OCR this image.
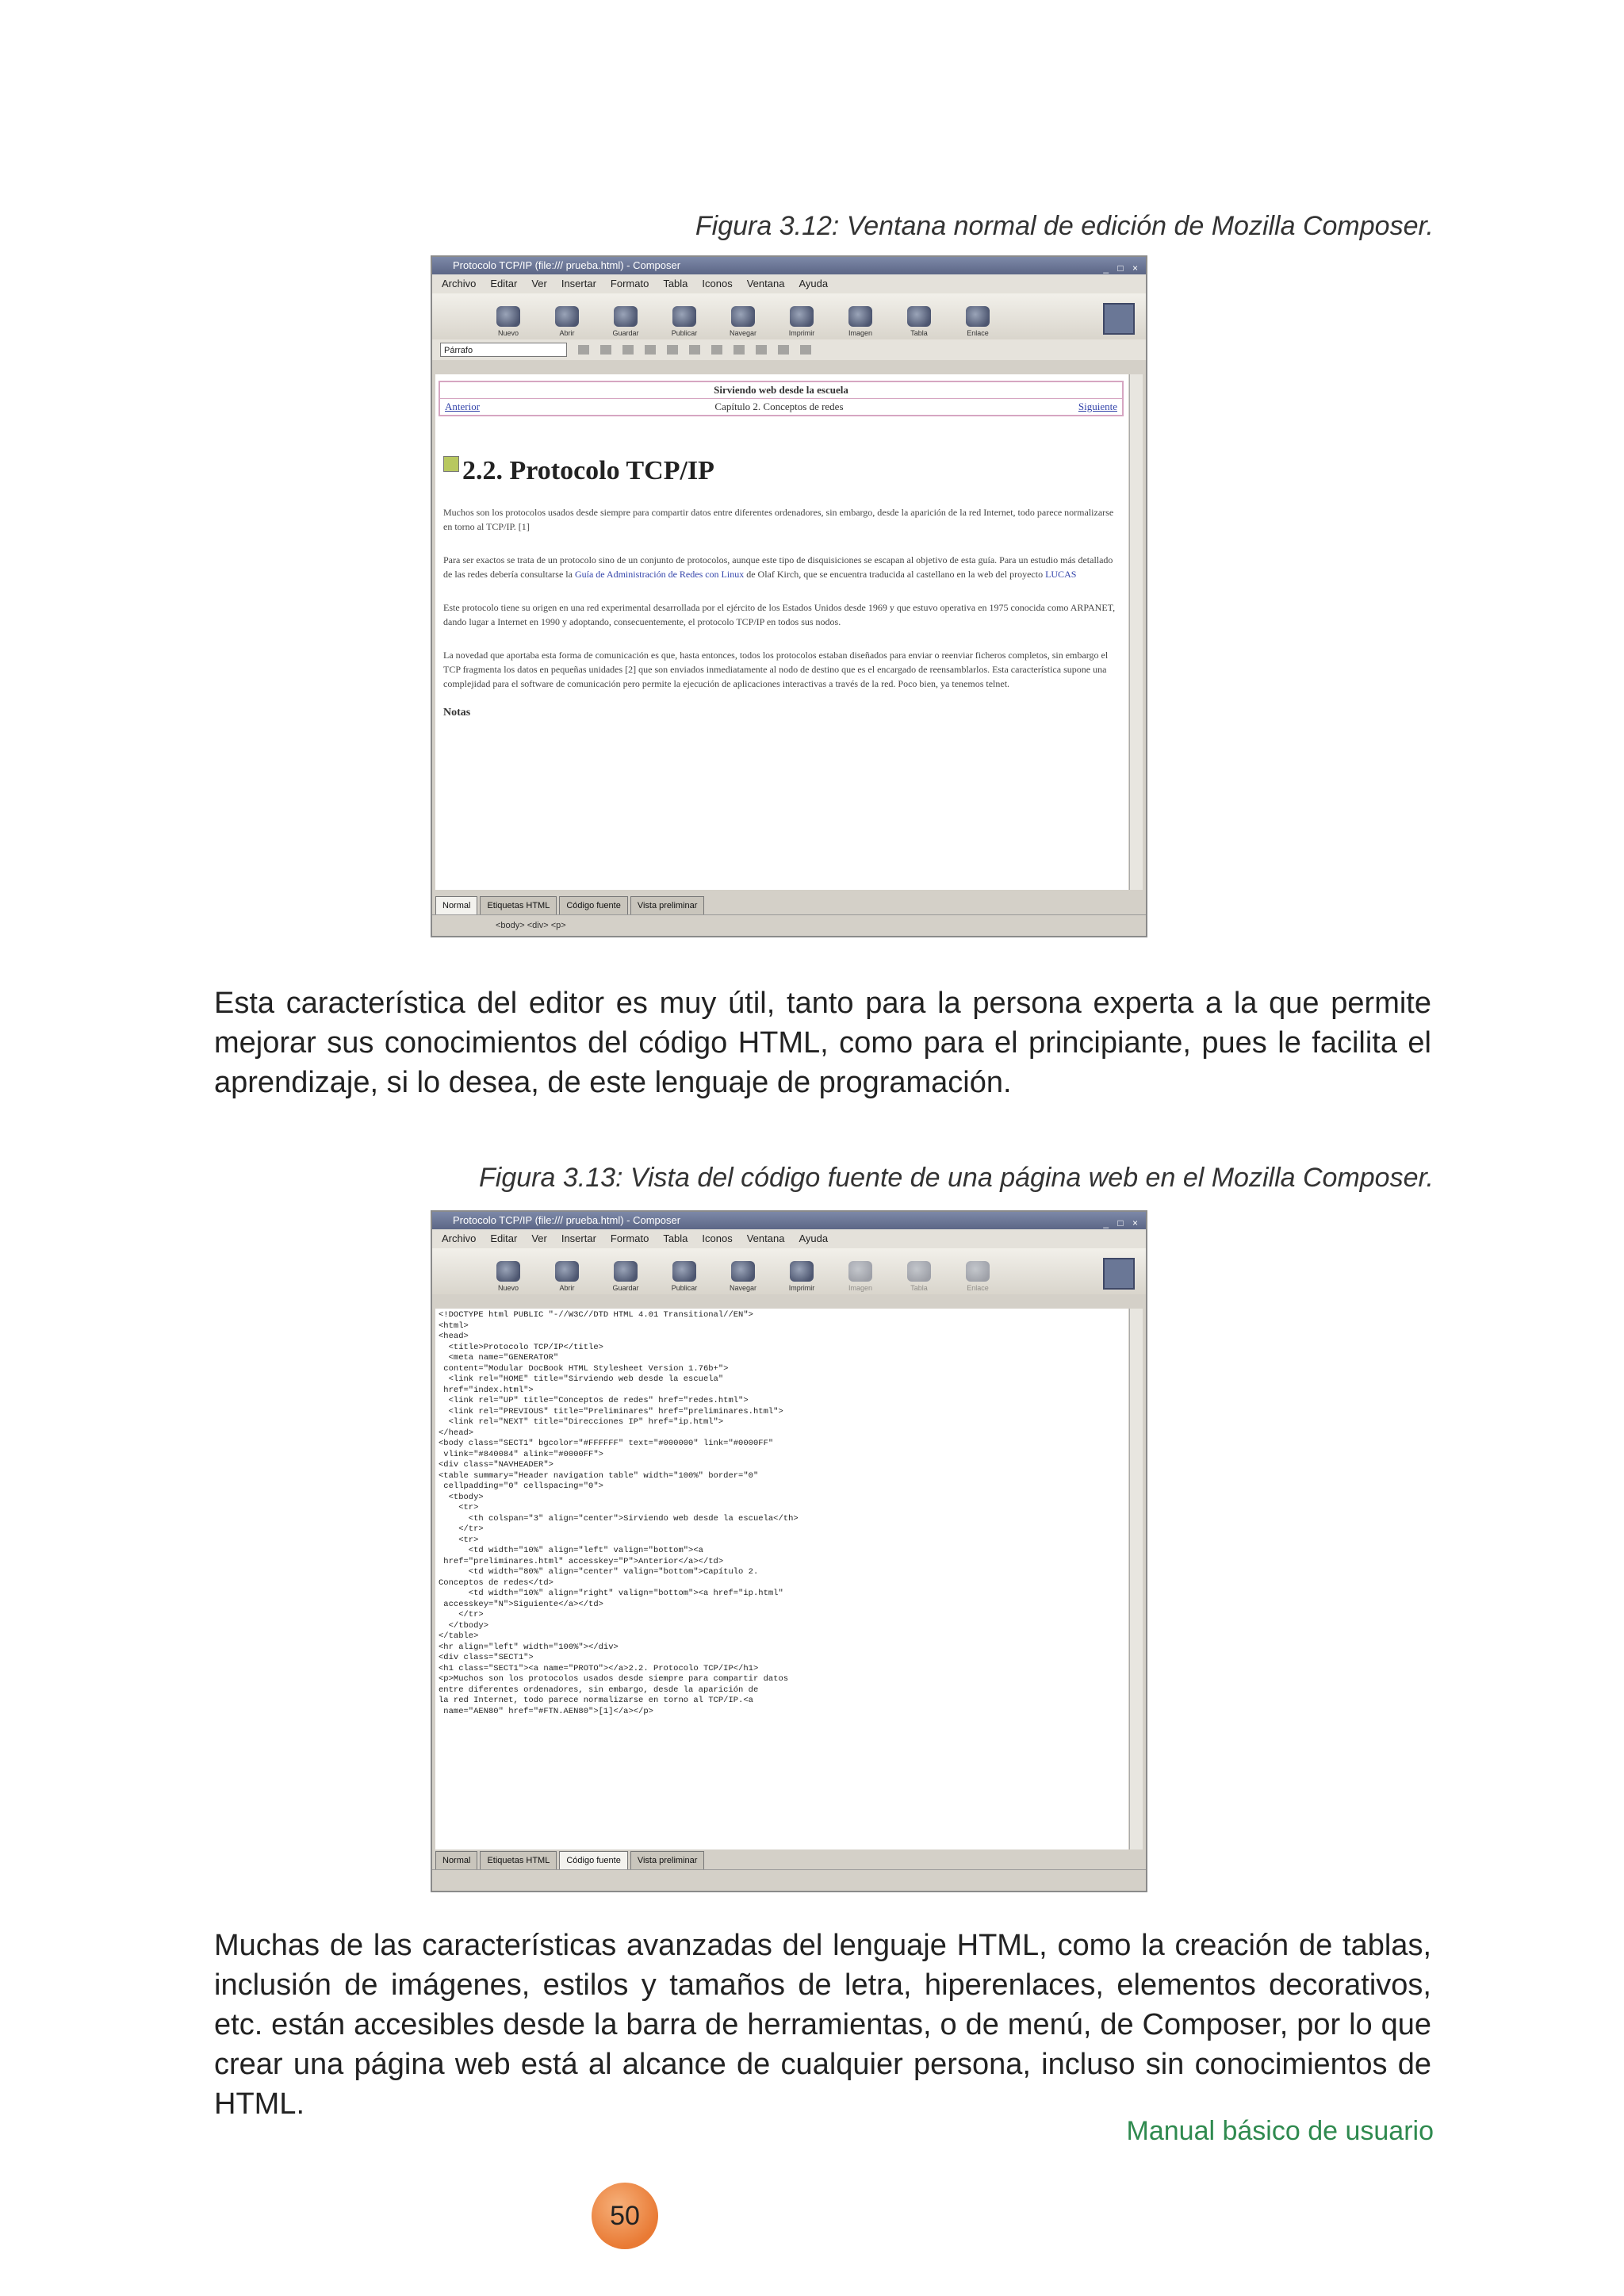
Figura 3.12: Ventana normal de edición de Mozilla Composer.
Protocolo TCP/IP (file:/// prueba.html) - Composer	_ □ ×
Archivo Editar Ver Insertar Formato Tabla Iconos Ventana Ayuda
Nuevo	Abrir	Guardar	Publicar	Navegar	Imprimir	Imagen	Tabla	Enlace
Párrafo
Sirviendo web desde la escuela
Anterior	Capítulo 2. Conceptos de redes	Siguiente
2.2. Protocolo TCP/IP

Muchos son los protocolos usados desde siempre para compartir datos entre diferentes ordenadores, sin embargo, desde la aparición de la red Internet, todo parece normalizarse en torno al TCP/IP. [1]

Para ser exactos se trata de un protocolo sino de un conjunto de protocolos, aunque este tipo de disquisiciones se escapan al objetivo de esta guía. Para un estudio más detallado de las redes debería consultarse la Guía de Administración de Redes con Linux de Olaf Kirch, que se encuentra traducida al castellano en la web del proyecto LUCAS

Este protocolo tiene su origen en una red experimental desarrollada por el ejército de los Estados Unidos desde 1969 y que estuvo operativa en 1975 conocida como ARPANET, dando lugar a Internet en 1990 y adoptando, consecuentemente, el protocolo TCP/IP en todos sus nodos.

La novedad que aportaba esta forma de comunicación es que, hasta entonces, todos los protocolos estaban diseñados para enviar o reenviar ficheros completos, sin embargo el TCP fragmenta los datos en pequeñas unidades [2] que son enviados inmediatamente al nodo de destino que es el encargado de reensamblarlos. Esta característica supone una complejidad para el software de comunicación pero permite la ejecución de aplicaciones interactivas a través de la red. Poco bien, ya tenemos telnet.

Notas
Normal	Etiquetas HTML	Código fuente	Vista preliminar
<body> <div> <p>
Esta característica del editor es muy útil, tanto para la persona experta a la que permite mejorar sus conocimientos del código HTML, como para el principiante, pues le facilita el aprendizaje, si lo desea, de este lenguaje de programación.
Figura 3.13: Vista del código fuente de una página web en el Mozilla Composer.
Protocolo TCP/IP (file:/// prueba.html) - Composer	_ □ ×
Archivo Editar Ver Insertar Formato Tabla Iconos Ventana Ayuda
Nuevo	Abrir	Guardar	Publicar	Navegar	Imprimir	Imagen	Tabla	Enlace
<!DOCTYPE html PUBLIC "-//W3C//DTD HTML 4.01 Transitional//EN">
<html>
<head>
<title>Protocolo TCP/IP</title>
<meta name="GENERATOR"
content="Modular DocBook HTML Stylesheet Version 1.76b+">
<link rel="HOME" title="Sirviendo web desde la escuela"
href="index.html">
<link rel="UP" title="Conceptos de redes" href="redes.html">
<link rel="PREVIOUS" title="Preliminares" href="preliminares.html">
<link rel="NEXT" title="Direcciones IP" href="ip.html">
</head>
<body class="SECT1" bgcolor="#FFFFFF" text="#000000" link="#0000FF"
vlink="#840084" alink="#0000FF">
<div class="NAVHEADER">
<table summary="Header navigation table" width="100%" border="0"
cellpadding="0" cellspacing="0">
<tbody>
<tr>
<th colspan="3" align="center">Sirviendo web desde la escuela</th>
</tr>
<tr>
<td width="10%" align="left" valign="bottom"><a
href="preliminares.html" accesskey="P">Anterior</a></td>
<td width="80%" align="center" valign="bottom">Capítulo 2.
Conceptos de redes</td>
<td width="10%" align="right" valign="bottom"><a href="ip.html"
accesskey="N">Siguiente</a></td>
</tr>
</tbody>
</table>
<hr align="left" width="100%"></div>
<div class="SECT1">
<h1 class="SECT1"><a name="PROTO"></a>2.2. Protocolo TCP/IP</h1>
<p>Muchos son los protocolos usados desde siempre para compartir datos
entre diferentes ordenadores, sin embargo, desde la aparición de
la red Internet, todo parece normalizarse en torno al TCP/IP.<a
name="AEN80" href="#FTN.AEN80">[1]</a></p>
Normal	Etiquetas HTML	Código fuente	Vista preliminar
Muchas de las características avanzadas del lenguaje HTML, como la creación de tablas, inclusión de imágenes, estilos y tamaños de letra, hiperenlaces, elementos decorativos, etc. están accesibles desde la barra de herramientas, o de menú, de Composer, por lo que crear una página web está al alcance de cualquier persona, incluso sin conocimientos de HTML.
Manual básico de usuario
50
